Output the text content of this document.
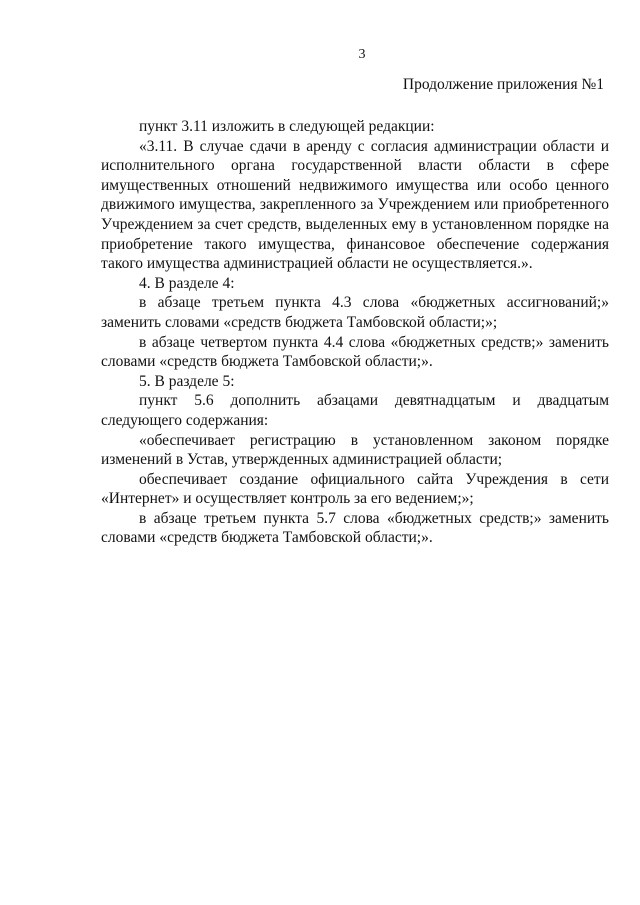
3
Продолжение приложения №1

пункт 3.11 изложить в следующей редакции:

«3.11. В случае сдачи в аренду с согласия администрации области и исполнительного органа государственной власти области в сфере имущественных отношений недвижимого имущества или особо ценного движимого имущества, закрепленного за Учреждением или приобретенного Учреждением за счет средств, выделенных ему в установленном порядке на приобретение такого имущества, финансовое обеспечение содержания такого имущества администрацией области не осуществляется.».

4. В разделе 4:

в абзаце третьем пункта 4.3 слова «бюджетных ассигнований;» заменить словами «средств бюджета Тамбовской области;»;

в абзаце четвертом пункта 4.4 слова «бюджетных средств;» заменить словами «средств бюджета Тамбовской области;».

5. В разделе 5:

пункт 5.6 дополнить абзацами девятнадцатым и двадцатым следующего содержания:

«обеспечивает регистрацию в установленном законом порядке изменений в Устав, утвержденных администрацией области;

обеспечивает создание официального сайта Учреждения в сети «Интернет» и осуществляет контроль за его ведением;»;

в абзаце третьем пункта 5.7 слова «бюджетных средств;» заменить словами «средств бюджета Тамбовской области;».
